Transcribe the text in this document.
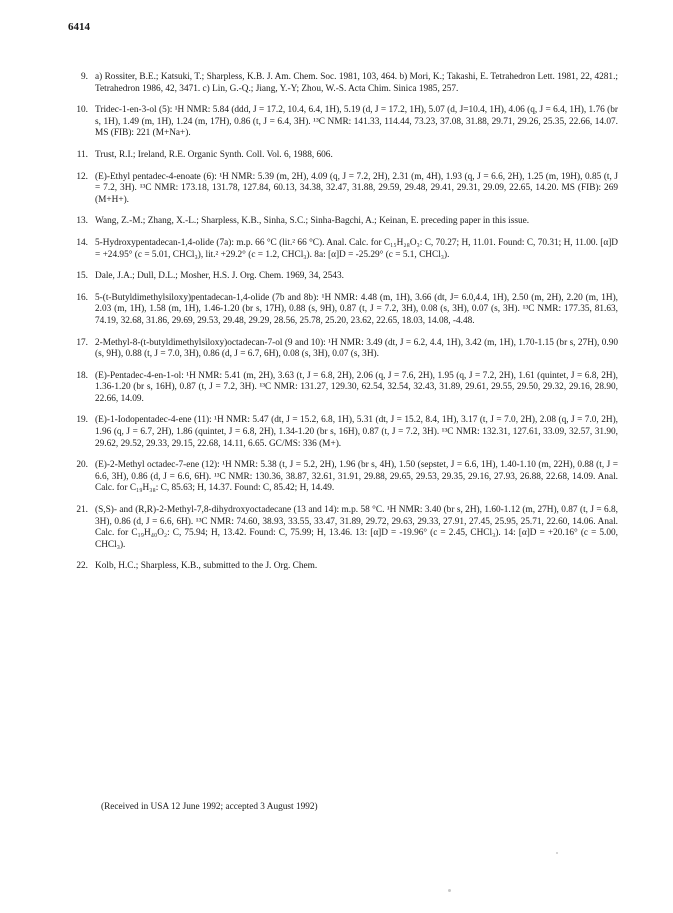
6414
9. a) Rossiter, B.E.; Katsuki, T.; Sharpless, K.B. J. Am. Chem. Soc. 1981, 103, 464. b) Mori, K.; Takashi, E. Tetrahedron Lett. 1981, 22, 4281.; Tetrahedron 1986, 42, 3471. c) Lin, G.-Q.; Jiang, Y.-Y; Zhou, W.-S. Acta Chim. Sinica 1985, 257.
10. Tridec-1-en-3-ol (5): ¹H NMR: 5.84 (ddd, J = 17.2, 10.4, 6.4, 1H), 5.19 (d, J = 17.2, 1H), 5.07 (d, J=10.4, 1H), 4.06 (q, J = 6.4, 1H), 1.76 (br s, 1H), 1.49 (m, 1H), 1.24 (m, 17H), 0.86 (t, J = 6.4, 3H). ¹³C NMR: 141.33, 114.44, 73.23, 37.08, 31.88, 29.71, 29.26, 25.35, 22.66, 14.07. MS (FIB): 221 (M+Na+).
11. Trust, R.I.; Ireland, R.E. Organic Synth. Coll. Vol. 6, 1988, 606.
12. (E)-Ethyl pentadec-4-enoate (6): ¹H NMR: 5.39 (m, 2H), 4.09 (q, J = 7.2, 2H), 2.31 (m, 4H), 1.93 (q, J = 6.6, 2H), 1.25 (m, 19H), 0.85 (t, J = 7.2, 3H). ¹³C NMR: 173.18, 131.78, 127.84, 60.13, 34.38, 32.47, 31.88, 29.59, 29.48, 29.41, 29.31, 29.09, 22.65, 14.20. MS (FIB): 269 (M+H+).
13. Wang, Z.-M.; Zhang, X.-L.; Sharpless, K.B., Sinha, S.C.; Sinha-Bagchi, A.; Keinan, E. preceding paper in this issue.
14. 5-Hydroxypentadecan-1,4-olide (7a): m.p. 66 °C (lit.² 66 °C). Anal. Calc. for C₁₅H₂₈O₃: C, 70.27; H, 11.01. Found: C, 70.31; H, 11.00. [α]D = +24.95° (c = 5.01, CHCl₃), lit.² +29.2° (c = 1.2, CHCl₃). 8a: [α]D = -25.29° (c = 5.1, CHCl₃).
15. Dale, J.A.; Dull, D.L.; Mosher, H.S. J. Org. Chem. 1969, 34, 2543.
16. 5-(t-Butyldimethylsiloxy)pentadecan-1,4-olide (7b and 8b): ¹H NMR: 4.48 (m, 1H), 3.66 (dt, J= 6.0,4.4, 1H), 2.50 (m, 2H), 2.20 (m, 1H), 2.03 (m, 1H), 1.58 (m, 1H), 1.46-1.20 (br s, 17H), 0.88 (s, 9H), 0.87 (t, J = 7.2, 3H), 0.08 (s, 3H), 0.07 (s, 3H). ¹³C NMR: 177.35, 81.63, 74.19, 32.68, 31.86, 29.69, 29.53, 29.48, 29.29, 28.56, 25.78, 25.20, 23.62, 22.65, 18.03, 14.08, -4.48.
17. 2-Methyl-8-(t-butyldimethylsiloxy)octadecan-7-ol (9 and 10): ¹H NMR: 3.49 (dt, J = 6.2, 4.4, 1H), 3.42 (m, 1H), 1.70-1.15 (br s, 27H), 0.90 (s, 9H), 0.88 (t, J = 7.0, 3H), 0.86 (d, J = 6.7, 6H), 0.08 (s, 3H), 0.07 (s, 3H).
18. (E)-Pentadec-4-en-1-ol: ¹H NMR: 5.41 (m, 2H), 3.63 (t, J = 6.8, 2H), 2.06 (q, J = 7.6, 2H), 1.95 (q, J = 7.2, 2H), 1.61 (quintet, J = 6.8, 2H), 1.36-1.20 (br s, 16H), 0.87 (t, J = 7.2, 3H). ¹³C NMR: 131.27, 129.30, 62.54, 32.54, 32.43, 31.89, 29.61, 29.55, 29.50, 29.32, 29.16, 28.90, 22.66, 14.09.
19. (E)-1-Iodopentadec-4-ene (11): ¹H NMR: 5.47 (dt, J = 15.2, 6.8, 1H), 5.31 (dt, J = 15.2, 8.4, 1H), 3.17 (t, J = 7.0, 2H), 2.08 (q, J = 7.0, 2H), 1.96 (q, J = 6.7, 2H), 1.86 (quintet, J = 6.8, 2H), 1.34-1.20 (br s, 16H), 0.87 (t, J = 7.2, 3H). ¹³C NMR: 132.31, 127.61, 33.09, 32.57, 31.90, 29.62, 29.52, 29.33, 29.15, 22.68, 14.11, 6.65. GC/MS: 336 (M+).
20. (E)-2-Methyl octadec-7-ene (12): ¹H NMR: 5.38 (t, J = 5.2, 2H), 1.96 (br s, 4H), 1.50 (sepstet, J = 6.6, 1H), 1.40-1.10 (m, 22H), 0.88 (t, J = 6.6, 3H), 0.86 (d, J = 6.6, 6H). ¹³C NMR: 130.36, 38.87, 32.61, 31.91, 29.88, 29.65, 29.53, 29.35, 29.16, 27.93, 26.88, 22.68, 14.09. Anal. Calc. for C₁₉H₃₈: C, 85.63; H, 14.37. Found: C, 85.42; H, 14.49.
21. (S,S)- and (R,R)-2-Methyl-7,8-dihydroxyoctadecane (13 and 14): m.p. 58 °C. ¹H NMR: 3.40 (br s, 2H), 1.60-1.12 (m, 27H), 0.87 (t, J = 6.8, 3H), 0.86 (d, J = 6.6, 6H). ¹³C NMR: 74.60, 38.93, 33.55, 33.47, 31.89, 29.72, 29.63, 29.33, 27.91, 27.45, 25.95, 25.71, 22.60, 14.06. Anal. Calc. for C₁₉H₄₀O₂: C, 75.94; H, 13.42. Found: C, 75.99; H, 13.46. 13: [α]D = -19.96° (c = 2.45, CHCl₃). 14: [α]D = +20.16° (c = 5.00, CHCl₃).
22. Kolb, H.C.; Sharpless, K.B., submitted to the J. Org. Chem.
(Received in USA 12 June 1992; accepted 3 August 1992)
